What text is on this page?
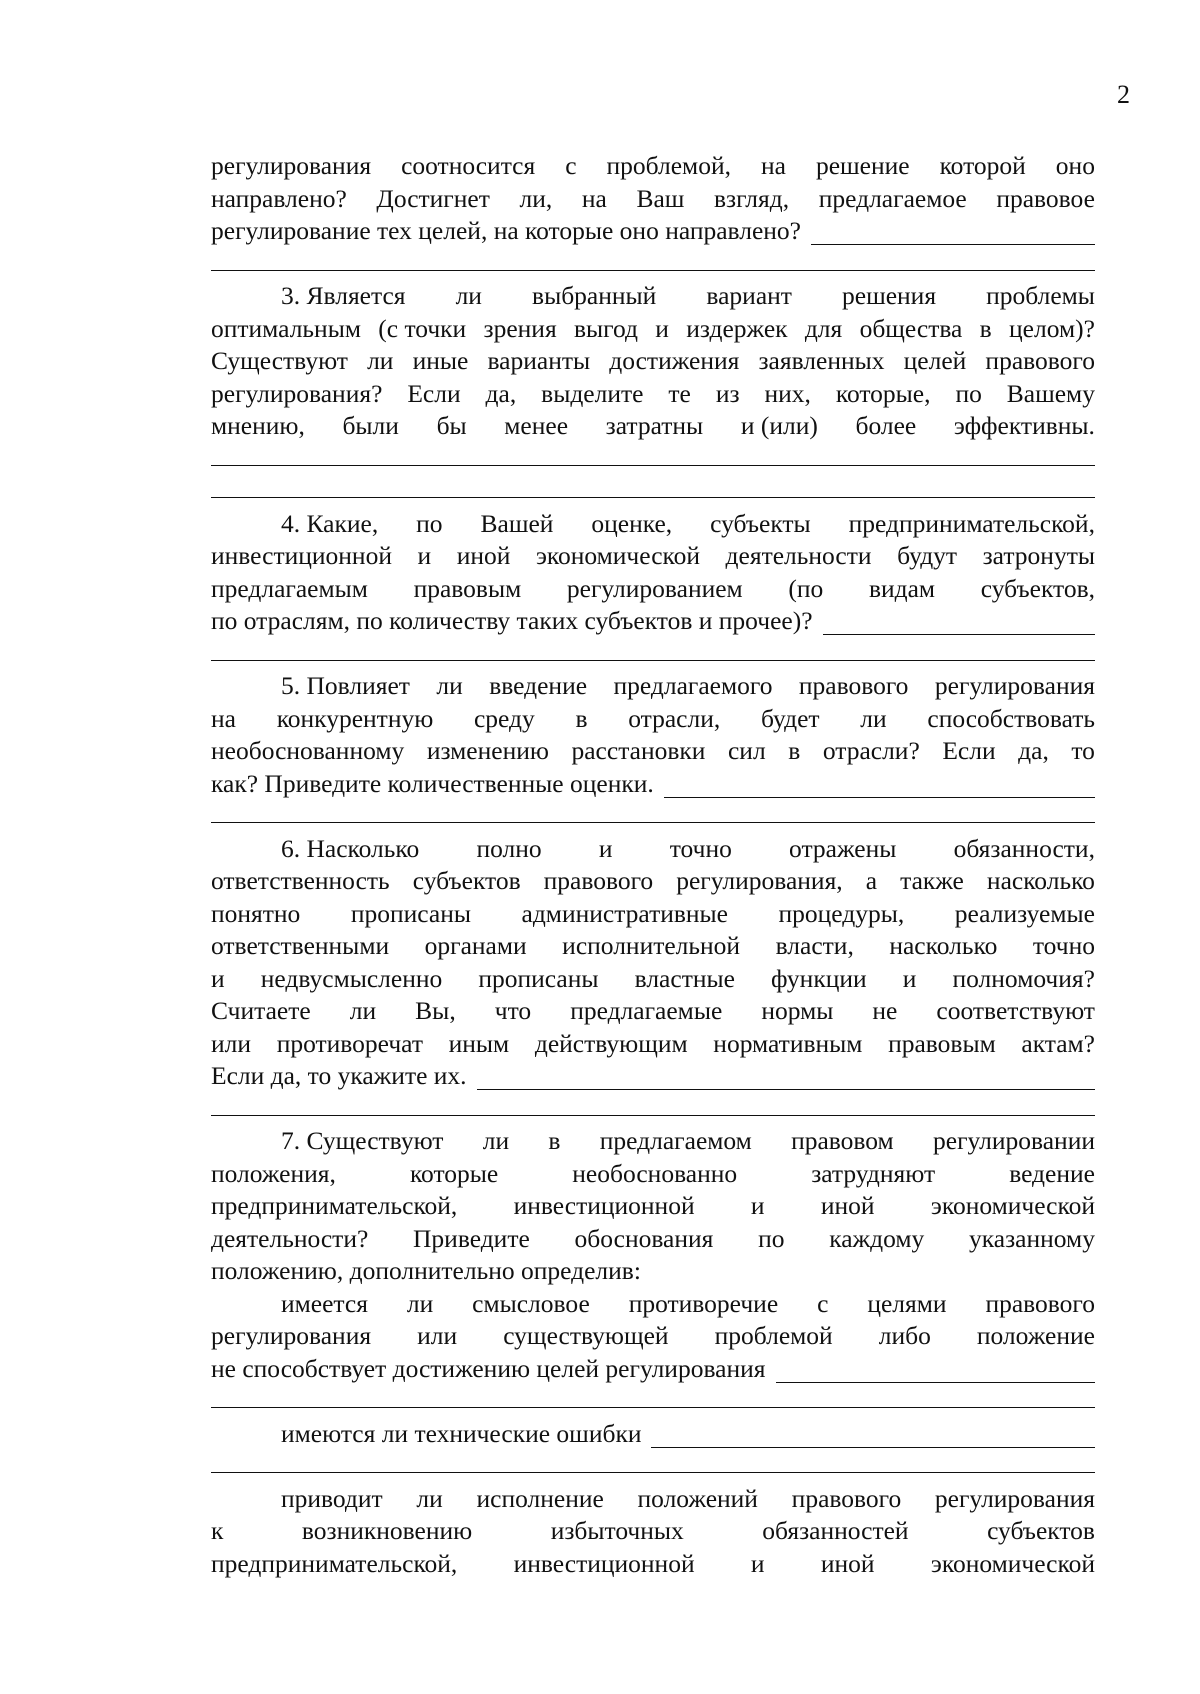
2
регулирования соотносится с проблемой, на решение которой оно
направлено? Достигнет ли, на Ваш взгляд, предлагаемое правовое
регулирование тех целей, на которые оно направлено?
3. Является ли выбранный вариант решения проблемы
оптимальным (с точки зрения выгод и издержек для общества в целом)?
Существуют ли иные варианты достижения заявленных целей правового
регулирования? Если да, выделите те из них, которые, по Вашему
мнению, были бы менее затратны и (или) более эффективны.
4. Какие, по Вашей оценке, субъекты предпринимательской,
инвестиционной и иной экономической деятельности будут затронуты
предлагаемым правовым регулированием (по видам субъектов,
по отраслям, по количеству таких субъектов и прочее)?
5. Повлияет ли введение предлагаемого правового регулирования
на конкурентную среду в отрасли, будет ли способствовать
необоснованному изменению расстановки сил в отрасли? Если да, то
как? Приведите количественные оценки.
6. Насколько полно и точно отражены обязанности,
ответственность субъектов правового регулирования, а также насколько
понятно прописаны административные процедуры, реализуемые
ответственными органами исполнительной власти, насколько точно
и недвусмысленно прописаны властные функции и полномочия?
Считаете ли Вы, что предлагаемые нормы не соответствуют
или противоречат иным действующим нормативным правовым актам?
Если да, то укажите их.
7. Существуют ли в предлагаемом правовом регулировании
положения,	которые	необоснованно	затрудняют	ведение
предпринимательской, инвестиционной и иной экономической
деятельности? Приведите обоснования по каждому указанному
положению, дополнительно определив:
имеется ли смысловое противоречие с целями правового
регулирования или существующей проблемой либо положение
не способствует достижению целей регулирования
имеются ли технические ошибки
приводит ли исполнение положений правового регулирования
к	возникновению	избыточных	обязанностей	субъектов
предпринимательской, инвестиционной и иной экономической
